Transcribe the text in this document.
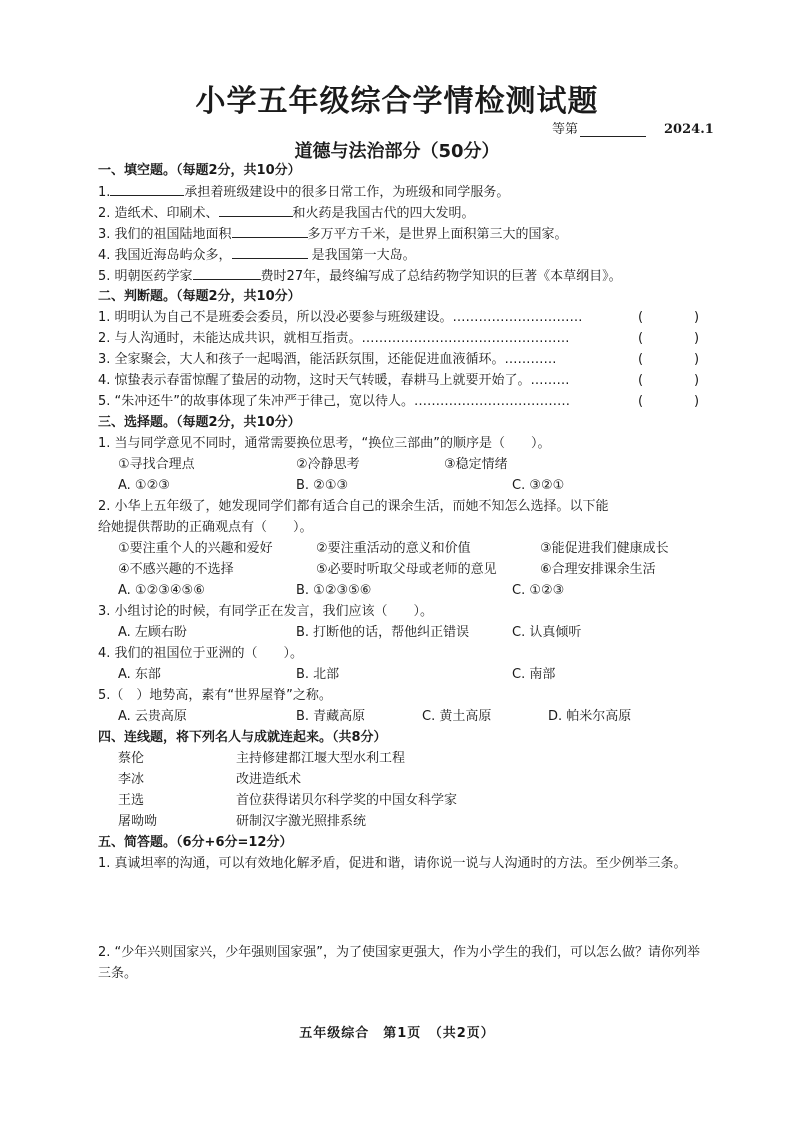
小学五年级综合学情检测试题
等第	2024.1
道德与法治部分（50分）
一、填空题。（每题2分，共10分）
1.	承担着班级建设中的很多日常工作，为班级和同学服务。
2. 造纸术、印刷术、	和火药是我国古代的四大发明。
3. 我们的祖国陆地面积	多万平方千米，是世界上面积第三大的国家。
4. 我国近海岛屿众多，	是我国第一大岛。
5. 明朝医药学家	费时27年，最终编写成了总结药物学知识的巨著《本草纲目》。
二、判断题。（每题2分，共10分）
1. 明明认为自己不是班委会委员，所以没必要参与班级建设。…………………………	(	)
2. 与人沟通时，未能达成共识，就相互指责。…………………………………………	(	)
3. 全家聚会，大人和孩子一起喝酒，能活跃氛围，还能促进血液循环。…………	(	)
4. 惊蛰表示春雷惊醒了蛰居的动物，这时天气转暖，春耕马上就要开始了。………	(	)
5. “朱冲还牛”的故事体现了朱冲严于律己，宽以待人。………………………………	(	)
三、选择题。（每题2分，共10分）
1. 当与同学意见不同时，通常需要换位思考，“换位三部曲”的顺序是（　　）。
①寻找合理点	②冷静思考	③稳定情绪
A. ①②③	B. ②①③	C. ③②①
2. 小华上五年级了，她发现同学们都有适合自己的课余生活，而她不知怎么选择。以下能
给她提供帮助的正确观点有（　　）。
①要注重个人的兴趣和爱好	②要注重活动的意义和价值	③能促进我们健康成长
④不感兴趣的不选择	⑤必要时听取父母或老师的意见	⑥合理安排课余生活
A. ①②③④⑤⑥	B. ①②③⑤⑥	C. ①②③
3. 小组讨论的时候，有同学正在发言，我们应该（　　）。
A. 左顾右盼	B. 打断他的话，帮他纠正错误	C. 认真倾听
4. 我们的祖国位于亚洲的（　　）。
A. 东部	B. 北部	C. 南部
5.（　）地势高，素有“世界屋脊”之称。
A. 云贵高原	B. 青藏高原	C. 黄土高原	D. 帕米尔高原
四、连线题，将下列名人与成就连起来。（共8分）
蔡伦	主持修建都江堰大型水利工程
李冰	改进造纸术
王选	首位获得诺贝尔科学奖的中国女科学家
屠呦呦	研制汉字激光照排系统
五、简答题。（6分+6分=12分）
1. 真诚坦率的沟通，可以有效地化解矛盾，促进和谐，请你说一说与人沟通时的方法。至少例举三条。
2. “少年兴则国家兴，少年强则国家强”，为了使国家更强大，作为小学生的我们，可以怎么做？请你列举三条。
五年级综合　第1页　（共2页）
